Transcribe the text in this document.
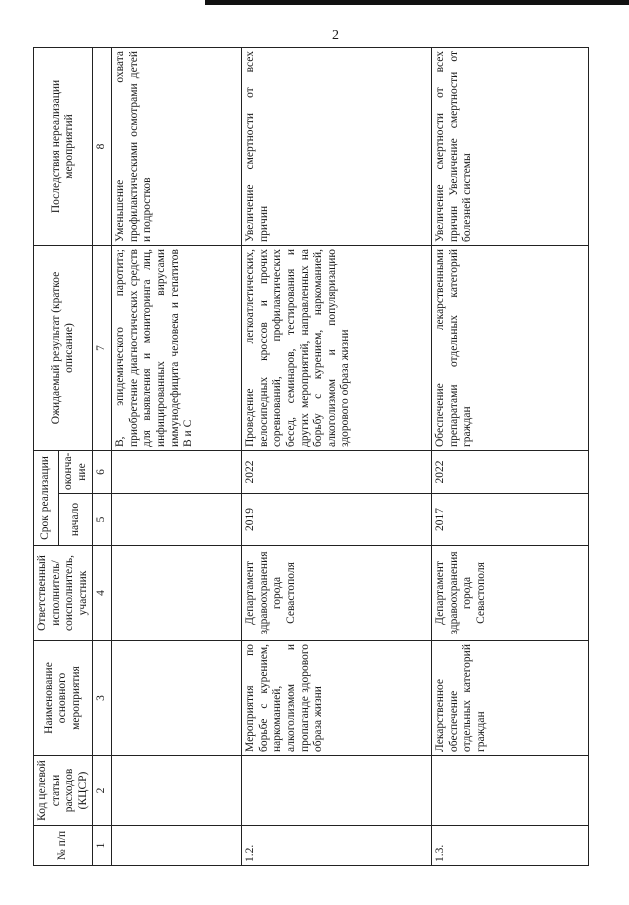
2
№ п/п	Код целевой статьи расходов (КЦСР)	Наименование основного мероприятия	Ответственный исполнитель/ соисполнитель, участник	Срок реализации		Ожидаемый результат (краткое описание)	Последствия нереализации мероприятий
				начало	оконча-ние		
1	2	3	4	5	6	7	8
						В, эпидемического паротита; приобретение диагностических средств для выявления и мониторинга лиц, инфицированных вирусами иммунодефицита человека и гепатитов В и С	Уменьшение охвата профилактическими осмотрами детей и подростков
1.2.		Мероприятия по борьбе с курением, наркоманией, алкоголизмом и пропаганде здорового образа жизни	Департамент здравоохранения города Севастополя	2019	2022	Проведение легкоатлетических, велосипедных кроссов и прочих соревнований, профилактических бесед, семинаров, тестирования и других мероприятий, направленных на борьбу с курением, наркоманией, алкоголизмом и популяризацию здорового образа жизни	Увеличение смертности от всех причин
1.3.		Лекарственное обеспечение отдельных категорий граждан	Департамент здравоохранения города Севастополя	2017	2022	Обеспечение лекарственными препаратами отдельных категорий граждан	Увеличение смертности от всех причин Увеличение смертности от болезней системы
